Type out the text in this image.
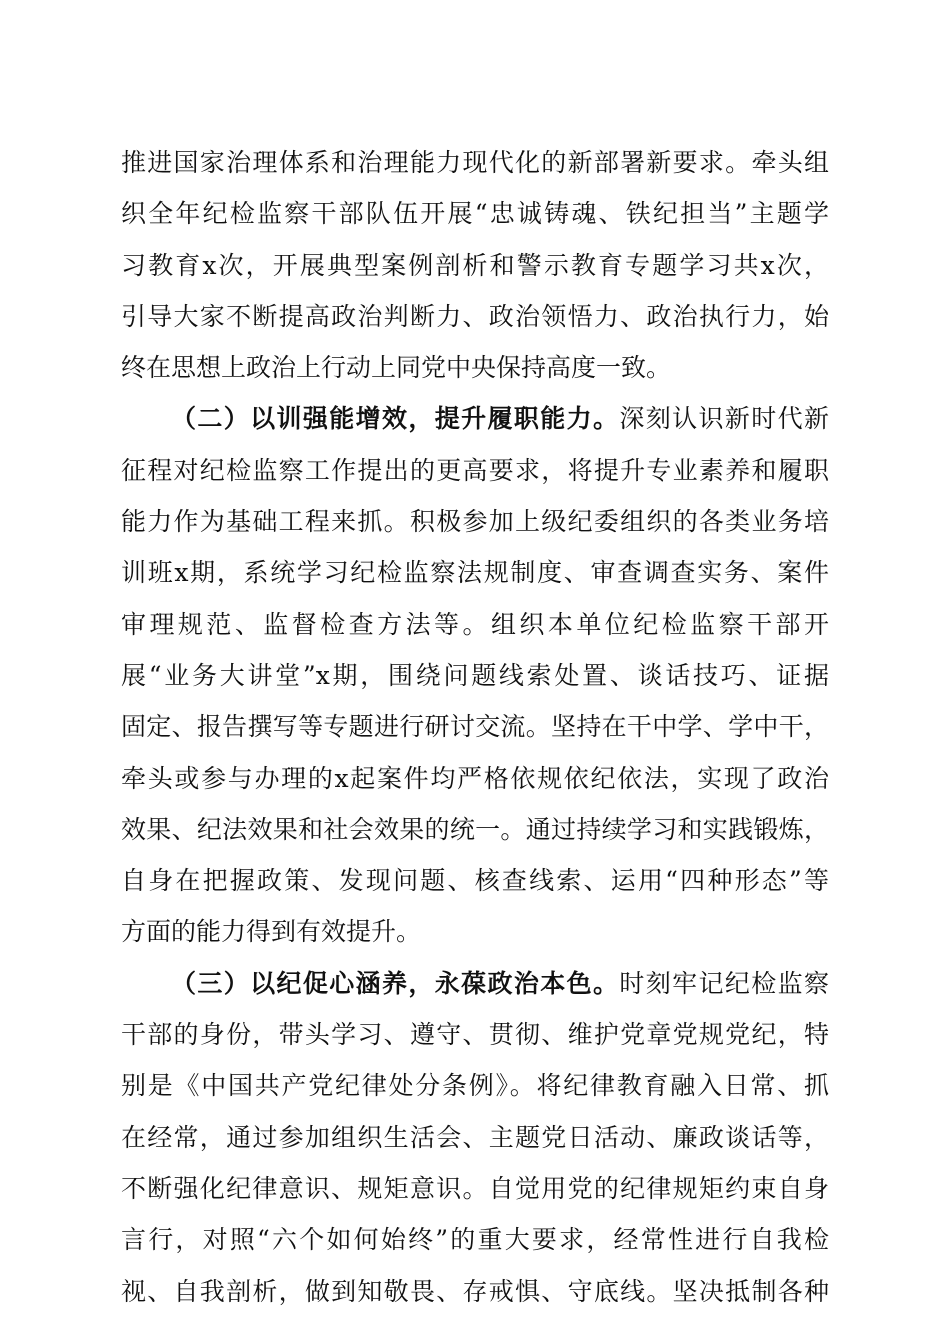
推进国家治理体系和治理能力现代化的新部署新要求。牵头组
织全年纪检监察干部队伍开展“忠诚铸魂、铁纪担当”主题学
习教育x次，开展典型案例剖析和警示教育专题学习共x次，
引导大家不断提高政治判断力、政治领悟力、政治执行力，始
终在思想上政治上行动上同党中央保持高度一致。
（二）以训强能增效，提升履职能力。深刻认识新时代新
征程对纪检监察工作提出的更高要求，将提升专业素养和履职
能力作为基础工程来抓。积极参加上级纪委组织的各类业务培
训班x期，系统学习纪检监察法规制度、审查调查实务、案件
审理规范、监督检查方法等。组织本单位纪检监察干部开
展“业务大讲堂”x期，围绕问题线索处置、谈话技巧、证据
固定、报告撰写等专题进行研讨交流。坚持在干中学、学中干，
牵头或参与办理的x起案件均严格依规依纪依法，实现了政治
效果、纪法效果和社会效果的统一。通过持续学习和实践锻炼，
自身在把握政策、发现问题、核查线索、运用“四种形态”等
方面的能力得到有效提升。
（三）以纪促心涵养，永葆政治本色。时刻牢记纪检监察
干部的身份，带头学习、遵守、贯彻、维护党章党规党纪，特
别是《中国共产党纪律处分条例》。将纪律教育融入日常、抓
在经常，通过参加组织生活会、主题党日活动、廉政谈话等，
不断强化纪律意识、规矩意识。自觉用党的纪律规矩约束自身
言行，对照“六个如何始终”的重大要求，经常性进行自我检
视、自我剖析，做到知敬畏、存戒惧、守底线。坚决抵制各种
